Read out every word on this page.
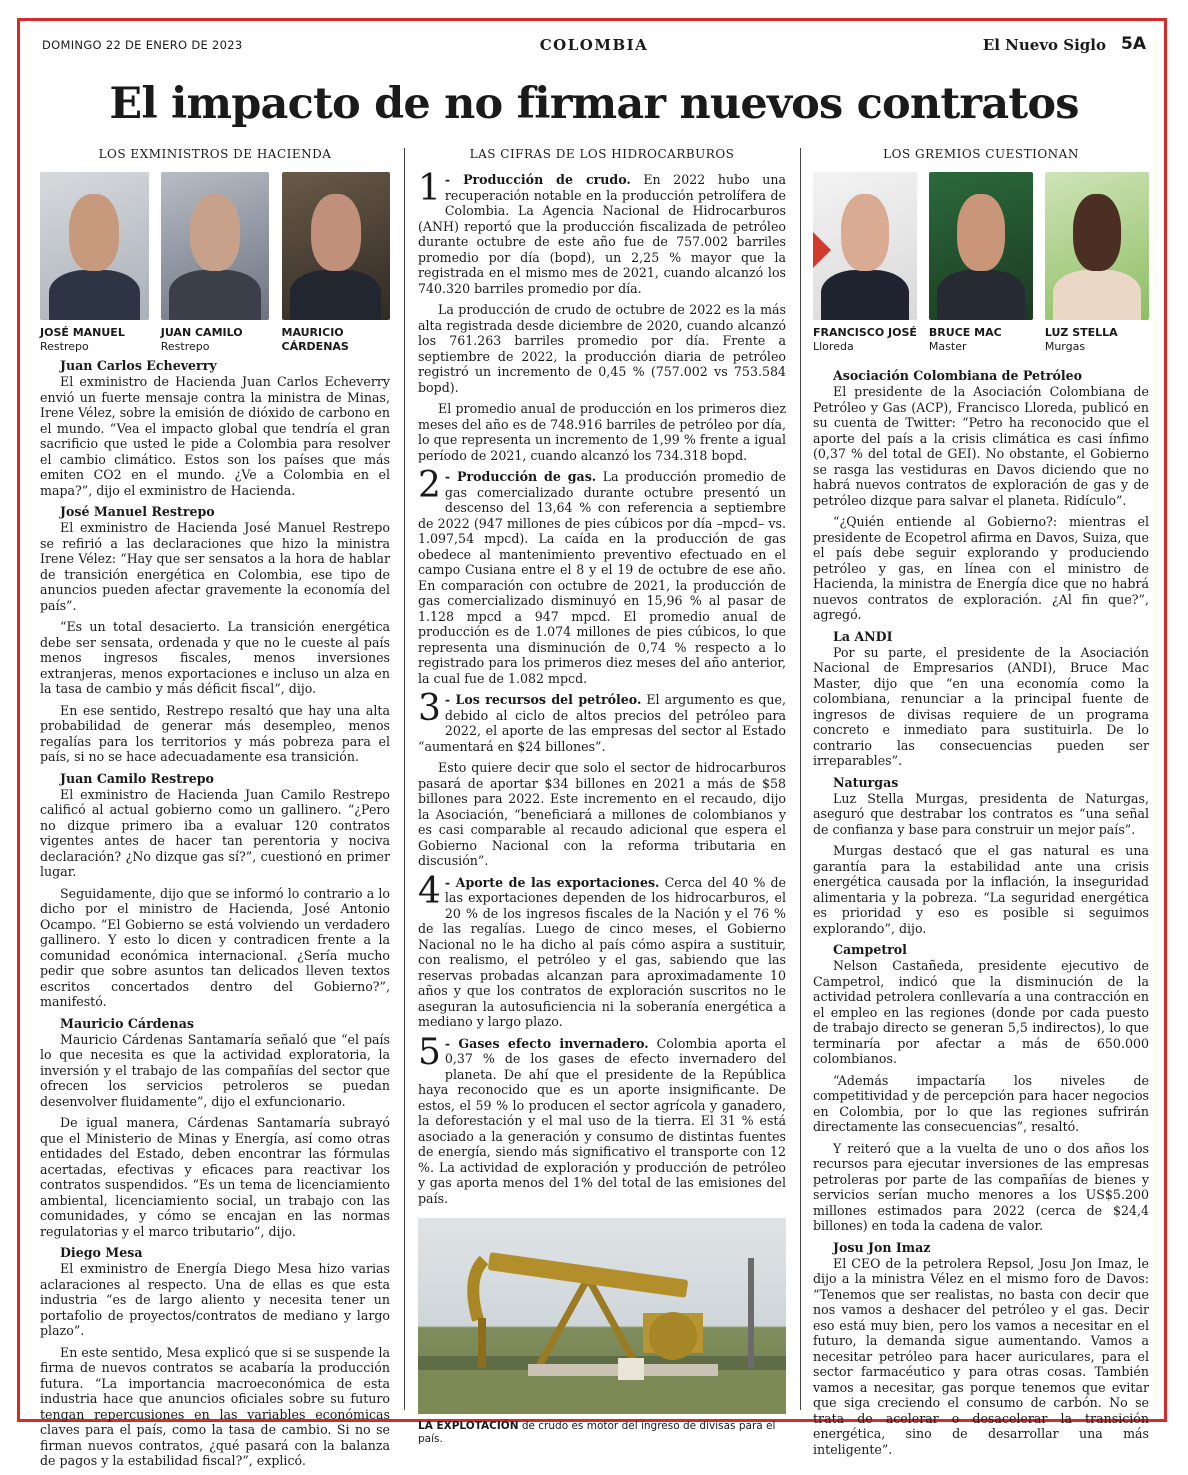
DOMINGO 22 DE ENERO DE 2023	COLOMBIA	El Nuevo Siglo 5A
El impacto de no firmar nuevos contratos
LOS EXMINISTROS DE HACIENDA
JOSÉ MANUEL
Restrepo
JUAN CAMILO
Restrepo
MAURICIO
CÁRDENAS
Juan Carlos Echeverry

El exministro de Hacienda Juan Carlos Echeverry envió un fuerte mensaje contra la ministra de Minas, Irene Vélez, sobre la emisión de dióxido de carbono en el mundo. “Vea el impacto global que tendría el gran sacrificio que usted le pide a Colombia para resolver el cambio climático. Estos son los países que más emiten CO2 en el mundo. ¿Ve a Colombia en el mapa?”, dijo el exministro de Hacienda.

José Manuel Restrepo

El exministro de Hacienda José Manuel Restrepo se refirió a las declaraciones que hizo la ministra Irene Vélez: “Hay que ser sensatos a la hora de hablar de transición energética en Colombia, ese tipo de anuncios pueden afectar gravemente la economía del país”.

“Es un total desacierto. La transición energética debe ser sensata, ordenada y que no le cueste al país menos ingresos fiscales, menos inversiones extranjeras, menos exportaciones e incluso un alza en la tasa de cambio y más déficit fiscal”, dijo.

En ese sentido, Restrepo resaltó que hay una alta probabilidad de generar más desempleo, menos regalías para los territorios y más pobreza para el país, si no se hace adecuadamente esa transición.

Juan Camilo Restrepo

El exministro de Hacienda Juan Camilo Restrepo calificó al actual gobierno como un gallinero. “¿Pero no dizque primero iba a evaluar 120 contratos vigentes antes de hacer tan perentoria y nociva declaración? ¿No dizque gas sí?”, cuestionó en primer lugar.

Seguidamente, dijo que se informó lo contrario a lo dicho por el ministro de Hacienda, José Antonio Ocampo. “El Gobierno se está volviendo un verdadero gallinero. Y esto lo dicen y contradicen frente a la comunidad económica internacional. ¿Sería mucho pedir que sobre asuntos tan delicados lleven textos escritos concertados dentro del Gobierno?”, manifestó.

Mauricio Cárdenas

Mauricio Cárdenas Santamaría señaló que “el país lo que necesita es que la actividad exploratoria, la inversión y el trabajo de las compañías del sector que ofrecen los servicios petroleros se puedan desenvolver fluidamente”, dijo el exfuncionario.

De igual manera, Cárdenas Santamaría subrayó que el Ministerio de Minas y Energía, así como otras entidades del Estado, deben encontrar las fórmulas acertadas, efectivas y eficaces para reactivar los contratos suspendidos. “Es un tema de licenciamiento ambiental, licenciamiento social, un trabajo con las comunidades, y cómo se encajan en las normas regulatorias y el marco tributario”, dijo.

Diego Mesa

El exministro de Energía Diego Mesa hizo varias aclaraciones al respecto. Una de ellas es que esta industria “es de largo aliento y necesita tener un portafolio de proyectos/contratos de mediano y largo plazo”.

En este sentido, Mesa explicó que si se suspende la firma de nuevos contratos se acabaría la producción futura. “La importancia macroeconómica de esta industria hace que anuncios oficiales sobre su futuro tengan repercusiones en las variables económicas claves para el país, como la tasa de cambio. Si no se firman nuevos contratos, ¿qué pasará con la balanza de pagos y la estabilidad fiscal?”, explicó.

LAS CIFRAS DE LOS HIDROCARBUROS
1 - Producción de crudo. En 2022 hubo una recuperación notable en la producción petrolífera de Colombia. La Agencia Nacional de Hidrocarburos (ANH) reportó que la producción fiscalizada de petróleo durante octubre de este año fue de 757.002 barriles promedio por día (bopd), un 2,25 % mayor que la registrada en el mismo mes de 2021, cuando alcanzó los 740.320 barriles promedio por día.

La producción de crudo de octubre de 2022 es la más alta registrada desde diciembre de 2020, cuando alcanzó los 761.263 barriles promedio por día. Frente a septiembre de 2022, la producción diaria de petróleo registró un incremento de 0,45 % (757.002 vs 753.584 bopd).

El promedio anual de producción en los primeros diez meses del año es de 748.916 barriles de petróleo por día, lo que representa un incremento de 1,99 % frente a igual período de 2021, cuando alcanzó los 734.318 bopd.

2 - Producción de gas. La producción promedio de gas comercializado durante octubre presentó un descenso del 13,64 % con referencia a septiembre de 2022 (947 millones de pies cúbicos por día –mpcd– vs. 1.097,54 mpcd). La caída en la producción de gas obedece al mantenimiento preventivo efectuado en el campo Cusiana entre el 8 y el 19 de octubre de ese año. En comparación con octubre de 2021, la producción de gas comercializado disminuyó en 15,96 % al pasar de 1.128 mpcd a 947 mpcd. El promedio anual de producción es de 1.074 millones de pies cúbicos, lo que representa una disminución de 0,74 % respecto a lo registrado para los primeros diez meses del año anterior, la cual fue de 1.082 mpcd.

3 - Los recursos del petróleo. El argumento es que, debido al ciclo de altos precios del petróleo para 2022, el aporte de las empresas del sector al Estado “aumentará en $24 billones”.

Esto quiere decir que solo el sector de hidrocarburos pasará de aportar $34 billones en 2021 a más de $58 billones para 2022. Este incremento en el recaudo, dijo la Asociación, “beneficiará a millones de colombianos y es casi comparable al recaudo adicional que espera el Gobierno Nacional con la reforma tributaria en discusión”.

4 - Aporte de las exportaciones. Cerca del 40 % de las exportaciones dependen de los hidrocarburos, el 20 % de los ingresos fiscales de la Nación y el 76 % de las regalías. Luego de cinco meses, el Gobierno Nacional no le ha dicho al país cómo aspira a sustituir, con realismo, el petróleo y el gas, sabiendo que las reservas probadas alcanzan para aproximadamente 10 años y que los contratos de exploración suscritos no le aseguran la autosuficiencia ni la soberanía energética a mediano y largo plazo.

5 - Gases efecto invernadero. Colombia aporta el 0,37 % de los gases de efecto invernadero del planeta. De ahí que el presidente de la República haya reconocido que es un aporte insignificante. De estos, el 59 % lo producen el sector agrícola y ganadero, la deforestación y el mal uso de la tierra. El 31 % está asociado a la generación y consumo de distintas fuentes de energía, siendo más significativo el transporte con 12 %. La actividad de exploración y producción de petróleo y gas aporta menos del 1% del total de las emisiones del país.

LA EXPLOTACIÓN de crudo es motor del ingreso de divisas para el país.
LOS GREMIOS CUESTIONAN
FRANCISCO JOSÉ
Lloreda
BRUCE MAC
Master
LUZ STELLA
Murgas
Asociación Colombiana de Petróleo

El presidente de la Asociación Colombiana de Petróleo y Gas (ACP), Francisco Lloreda, publicó en su cuenta de Twitter: “Petro ha reconocido que el aporte del país a la crisis climática es casi ínfimo (0,37 % del total de GEI). No obstante, el Gobierno se rasga las vestiduras en Davos diciendo que no habrá nuevos contratos de exploración de gas y de petróleo dizque para salvar el planeta. Ridículo”.

“¿Quién entiende al Gobierno?: mientras el presidente de Ecopetrol afirma en Davos, Suiza, que el país debe seguir explorando y produciendo petróleo y gas, en línea con el ministro de Hacienda, la ministra de Energía dice que no habrá nuevos contratos de exploración. ¿Al fin que?”, agregó.

La ANDI

Por su parte, el presidente de la Asociación Nacional de Empresarios (ANDI), Bruce Mac Master, dijo que “en una economía como la colombiana, renunciar a la principal fuente de ingresos de divisas requiere de un programa concreto e inmediato para sustituirla. De lo contrario las consecuencias pueden ser irreparables”.

Naturgas

Luz Stella Murgas, presidenta de Naturgas, aseguró que destrabar los contratos es “una señal de confianza y base para construir un mejor país”.

Murgas destacó que el gas natural es una garantía para la estabilidad ante una crisis energética causada por la inflación, la inseguridad alimentaria y la pobreza. “La seguridad energética es prioridad y eso es posible si seguimos explorando”, dijo.

Campetrol

Nelson Castañeda, presidente ejecutivo de Campetrol, indicó que la disminución de la actividad petrolera conllevaría a una contracción en el empleo en las regiones (donde por cada puesto de trabajo directo se generan 5,5 indirectos), lo que terminaría por afectar a más de 650.000 colombianos.

“Además impactaría los niveles de competitividad y de percepción para hacer negocios en Colombia, por lo que las regiones sufrirán directamente las consecuencias”, resaltó.

Y reiteró que a la vuelta de uno o dos años los recursos para ejecutar inversiones de las empresas petroleras por parte de las compañías de bienes y servicios serían mucho menores a los US$5.200 millones estimados para 2022 (cerca de $24,4 billones) en toda la cadena de valor.

Josu Jon Imaz

El CEO de la petrolera Repsol, Josu Jon Imaz, le dijo a la ministra Vélez en el mismo foro de Davos: “Tenemos que ser realistas, no basta con decir que nos vamos a deshacer del petróleo y el gas. Decir eso está muy bien, pero los vamos a necesitar en el futuro, la demanda sigue aumentando. Vamos a necesitar petróleo para hacer auriculares, para el sector farmacéutico y para otras cosas. También vamos a necesitar, gas porque tenemos que evitar que siga creciendo el consumo de carbón. No se trata de acelerar o desacelerar la transición energética, sino de desarrollar una más inteligente”.
